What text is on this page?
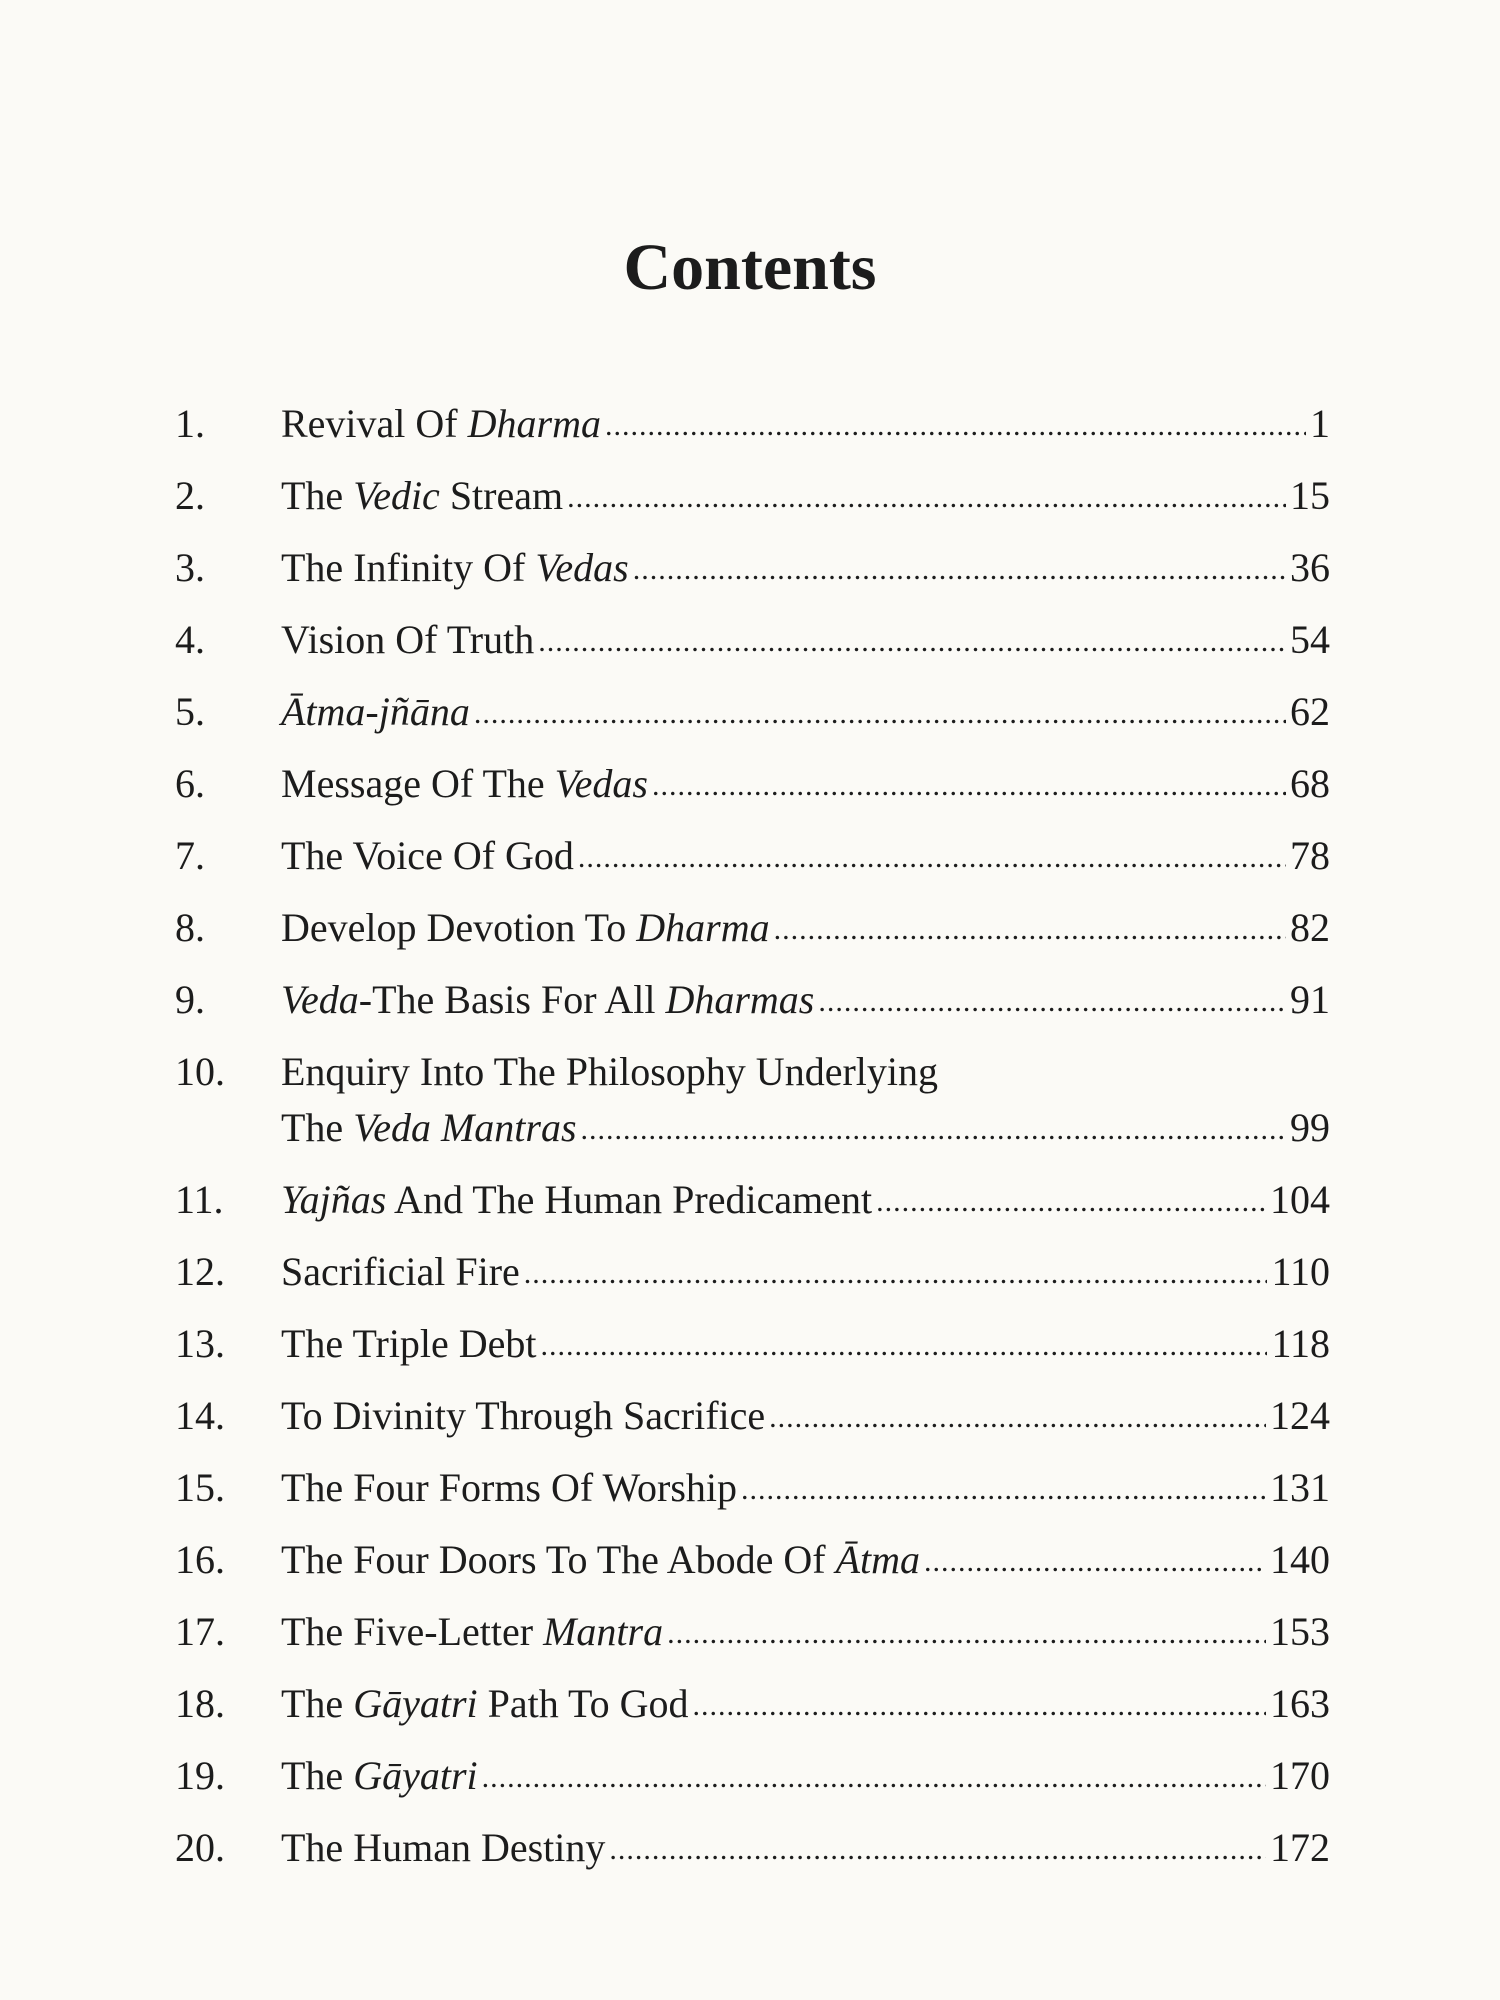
Contents
1.	Revival Of Dharma .....	1
2.	The Vedic Stream .....	15
3.	The Infinity Of Vedas .....	36
4.	Vision Of Truth .....	54
5.	Ātma-jñāna .....	62
6.	Message Of The Vedas .....	68
7.	The Voice Of God .....	78
8.	Develop Devotion To Dharma .....	82
9.	Veda-The Basis For All Dharmas .....	91
10.	Enquiry Into The Philosophy Underlying
The Veda Mantras .....	99
11.	Yajñas And The Human Predicament .....	104
12.	Sacrificial Fire .....	110
13.	The Triple Debt .....	118
14.	To Divinity Through Sacrifice .....	124
15.	The Four Forms Of Worship .....	131
16.	The Four Doors To The Abode Of Ātma .....	140
17.	The Five-Letter Mantra .....	153
18.	The Gāyatri Path To God .....	163
19.	The Gāyatri .....	170
20.	The Human Destiny .....	172
